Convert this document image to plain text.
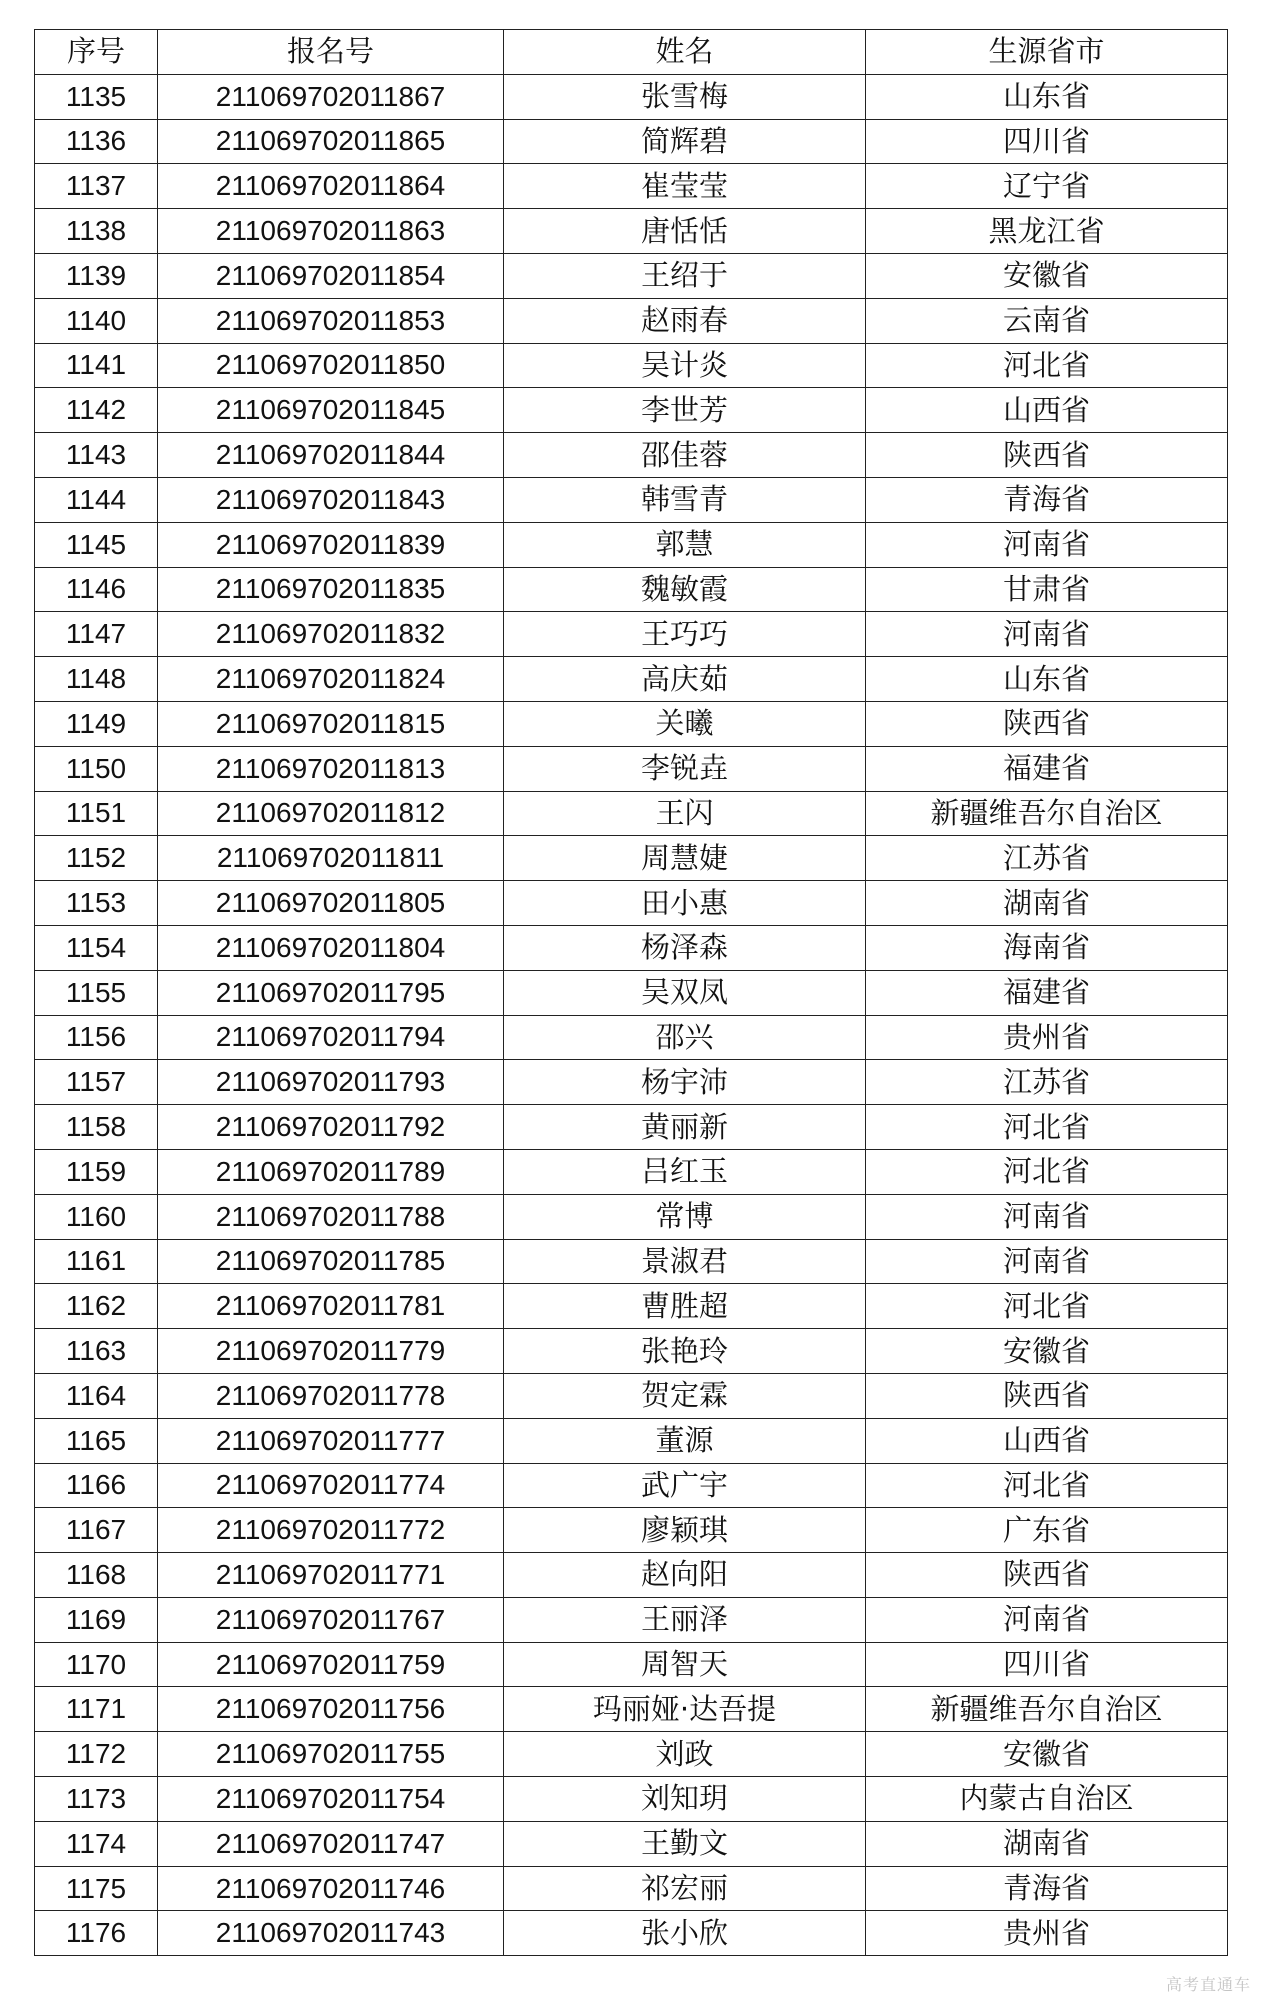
序号	报名号	姓名	生源省市
1135	211069702011867	张雪梅	山东省
1136	211069702011865	简辉碧	四川省
1137	211069702011864	崔莹莹	辽宁省
1138	211069702011863	唐恬恬	黑龙江省
1139	211069702011854	王绍于	安徽省
1140	211069702011853	赵雨春	云南省
1141	211069702011850	吴计炎	河北省
1142	211069702011845	李世芳	山西省
1143	211069702011844	邵佳蓉	陕西省
1144	211069702011843	韩雪青	青海省
1145	211069702011839	郭慧	河南省
1146	211069702011835	魏敏霞	甘肃省
1147	211069702011832	王巧巧	河南省
1148	211069702011824	高庆茹	山东省
1149	211069702011815	关曦	陕西省
1150	211069702011813	李锐垚	福建省
1151	211069702011812	王闪	新疆维吾尔自治区
1152	211069702011811	周慧婕	江苏省
1153	211069702011805	田小惠	湖南省
1154	211069702011804	杨泽森	海南省
1155	211069702011795	吴双凤	福建省
1156	211069702011794	邵兴	贵州省
1157	211069702011793	杨宇沛	江苏省
1158	211069702011792	黄丽新	河北省
1159	211069702011789	吕红玉	河北省
1160	211069702011788	常博	河南省
1161	211069702011785	景淑君	河南省
1162	211069702011781	曹胜超	河北省
1163	211069702011779	张艳玲	安徽省
1164	211069702011778	贺定霖	陕西省
1165	211069702011777	董源	山西省
1166	211069702011774	武广宇	河北省
1167	211069702011772	廖颖琪	广东省
1168	211069702011771	赵向阳	陕西省
1169	211069702011767	王丽泽	河南省
1170	211069702011759	周智天	四川省
1171	211069702011756	玛丽娅·达吾提	新疆维吾尔自治区
1172	211069702011755	刘政	安徽省
1173	211069702011754	刘知玥	内蒙古自治区
1174	211069702011747	王勤文	湖南省
1175	211069702011746	祁宏丽	青海省
1176	211069702011743	张小欣	贵州省
高考直通车
